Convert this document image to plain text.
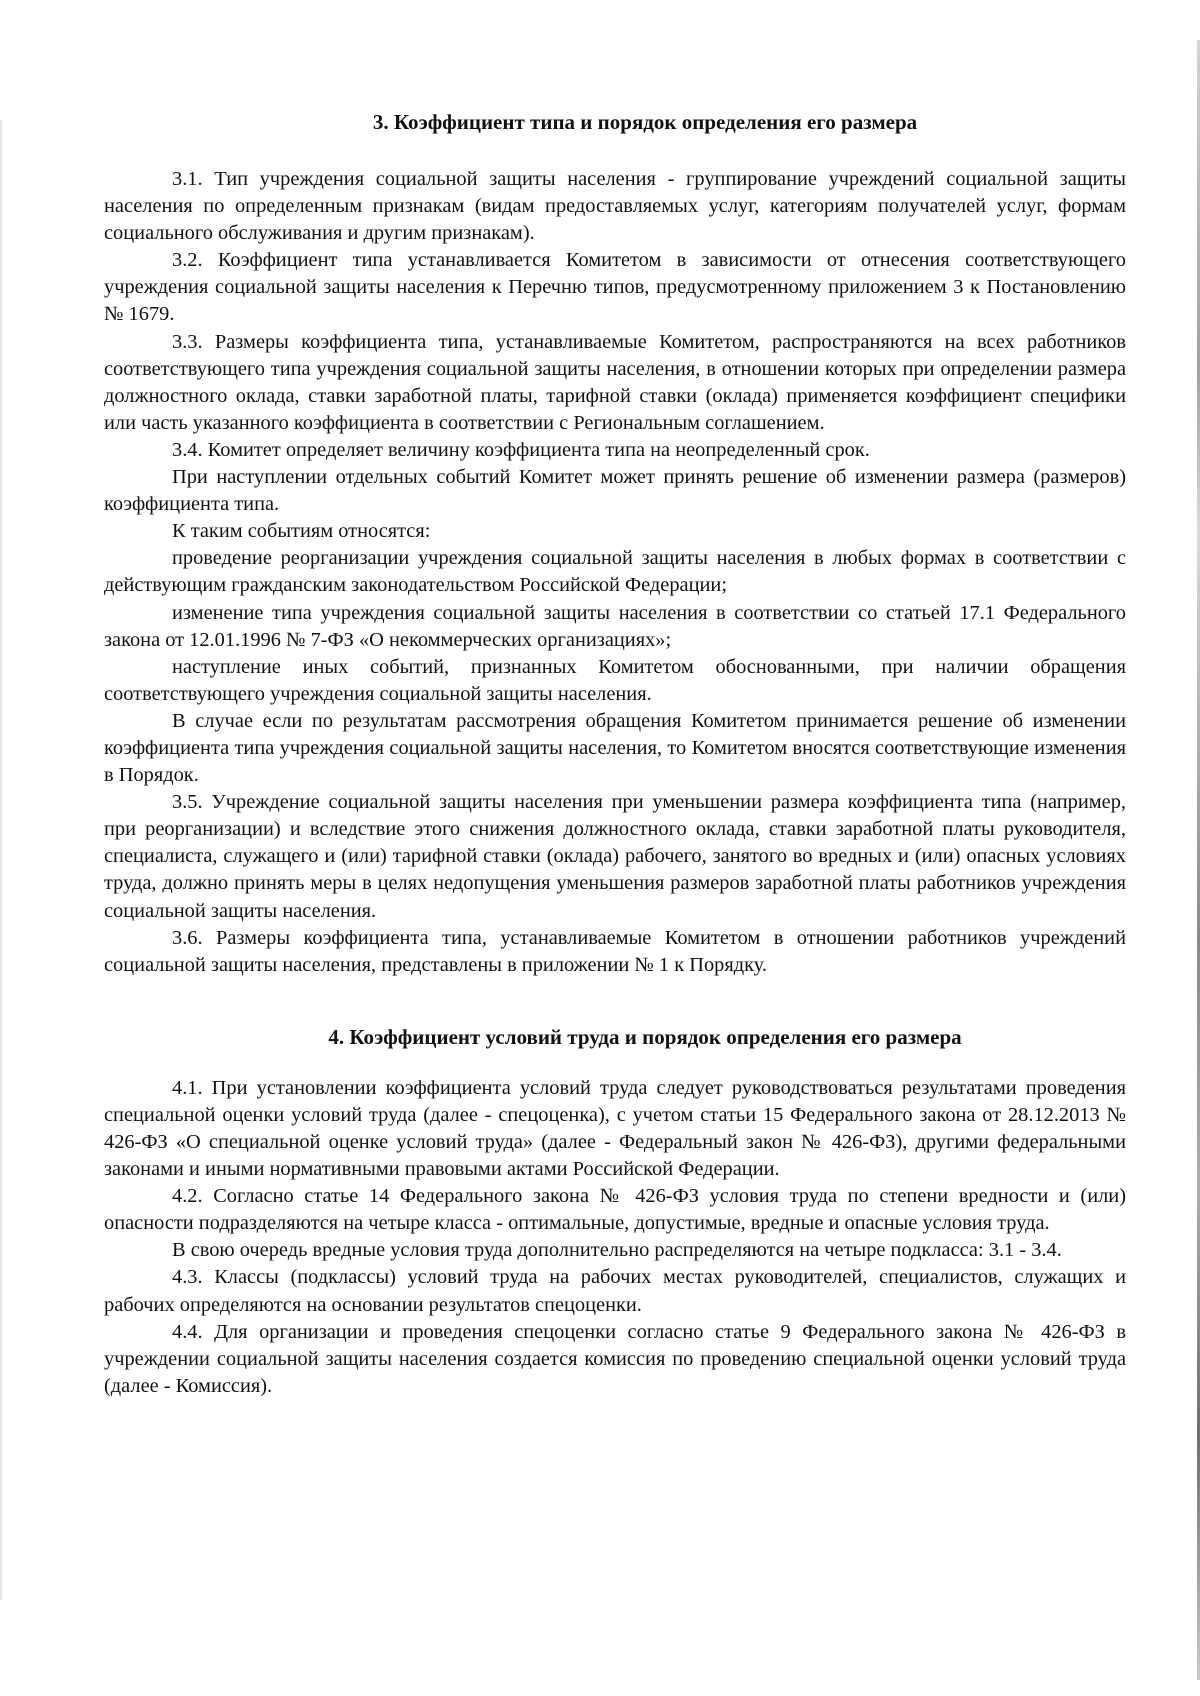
3. Коэффициент типа и порядок определения его размера

3.1. Тип учреждения социальной защиты населения - группирование учреждений социальной защиты населения по определенным признакам (видам предоставляемых услуг, категориям получателей услуг, формам социального обслуживания и другим признакам).

3.2. Коэффициент типа устанавливается Комитетом в зависимости от отнесения соответствующего учреждения социальной защиты населения к Перечню типов, предусмотренному приложением 3 к Постановлению № 1679.

3.3. Размеры коэффициента типа, устанавливаемые Комитетом, распространяются на всех работников соответствующего типа учреждения социальной защиты населения, в отношении которых при определении размера должностного оклада, ставки заработной платы, тарифной ставки (оклада) применяется коэффициент специфики или часть указанного коэффициента в соответствии с Региональным соглашением.

3.4. Комитет определяет величину коэффициента типа на неопределенный срок.

При наступлении отдельных событий Комитет может принять решение об изменении размера (размеров) коэффициента типа.

К таким событиям относятся:

проведение реорганизации учреждения социальной защиты населения в любых формах в соответствии с действующим гражданским законодательством Российской Федерации;

изменение типа учреждения социальной защиты населения в соответствии со статьей 17.1 Федерального закона от 12.01.1996 № 7-ФЗ «О некоммерческих организациях»;

наступление иных событий, признанных Комитетом обоснованными, при наличии обращения соответствующего учреждения социальной защиты населения.

В случае если по результатам рассмотрения обращения Комитетом принимается решение об изменении коэффициента типа учреждения социальной защиты населения, то Комитетом вносятся соответствующие изменения в Порядок.

3.5. Учреждение социальной защиты населения при уменьшении размера коэффициента типа (например, при реорганизации) и вследствие этого снижения должностного оклада, ставки заработной платы руководителя, специалиста, служащего и (или) тарифной ставки (оклада) рабочего, занятого во вредных и (или) опасных условиях труда, должно принять меры в целях недопущения уменьшения размеров заработной платы работников учреждения социальной защиты населения.

3.6. Размеры коэффициента типа, устанавливаемые Комитетом в отношении работников учреждений социальной защиты населения, представлены в приложении № 1 к Порядку.

4. Коэффициент условий труда и порядок определения его размера

4.1. При установлении коэффициента условий труда следует руководствоваться результатами проведения специальной оценки условий труда (далее - спецоценка), с учетом статьи 15 Федерального закона от 28.12.2013 № 426-ФЗ «О специальной оценке условий труда» (далее - Федеральный закон № 426-ФЗ), другими федеральными законами и иными нормативными правовыми актами Российской Федерации.

4.2. Согласно статье 14 Федерального закона № 426-ФЗ условия труда по степени вредности и (или) опасности подразделяются на четыре класса - оптимальные, допустимые, вредные и опасные условия труда.

В свою очередь вредные условия труда дополнительно распределяются на четыре подкласса: 3.1 - 3.4.

4.3. Классы (подклассы) условий труда на рабочих местах руководителей, специалистов, служащих и рабочих определяются на основании результатов спецоценки.

4.4. Для организации и проведения спецоценки согласно статье 9 Федерального закона № 426-ФЗ в учреждении социальной защиты населения создается комиссия по проведению специальной оценки условий труда (далее - Комиссия).
